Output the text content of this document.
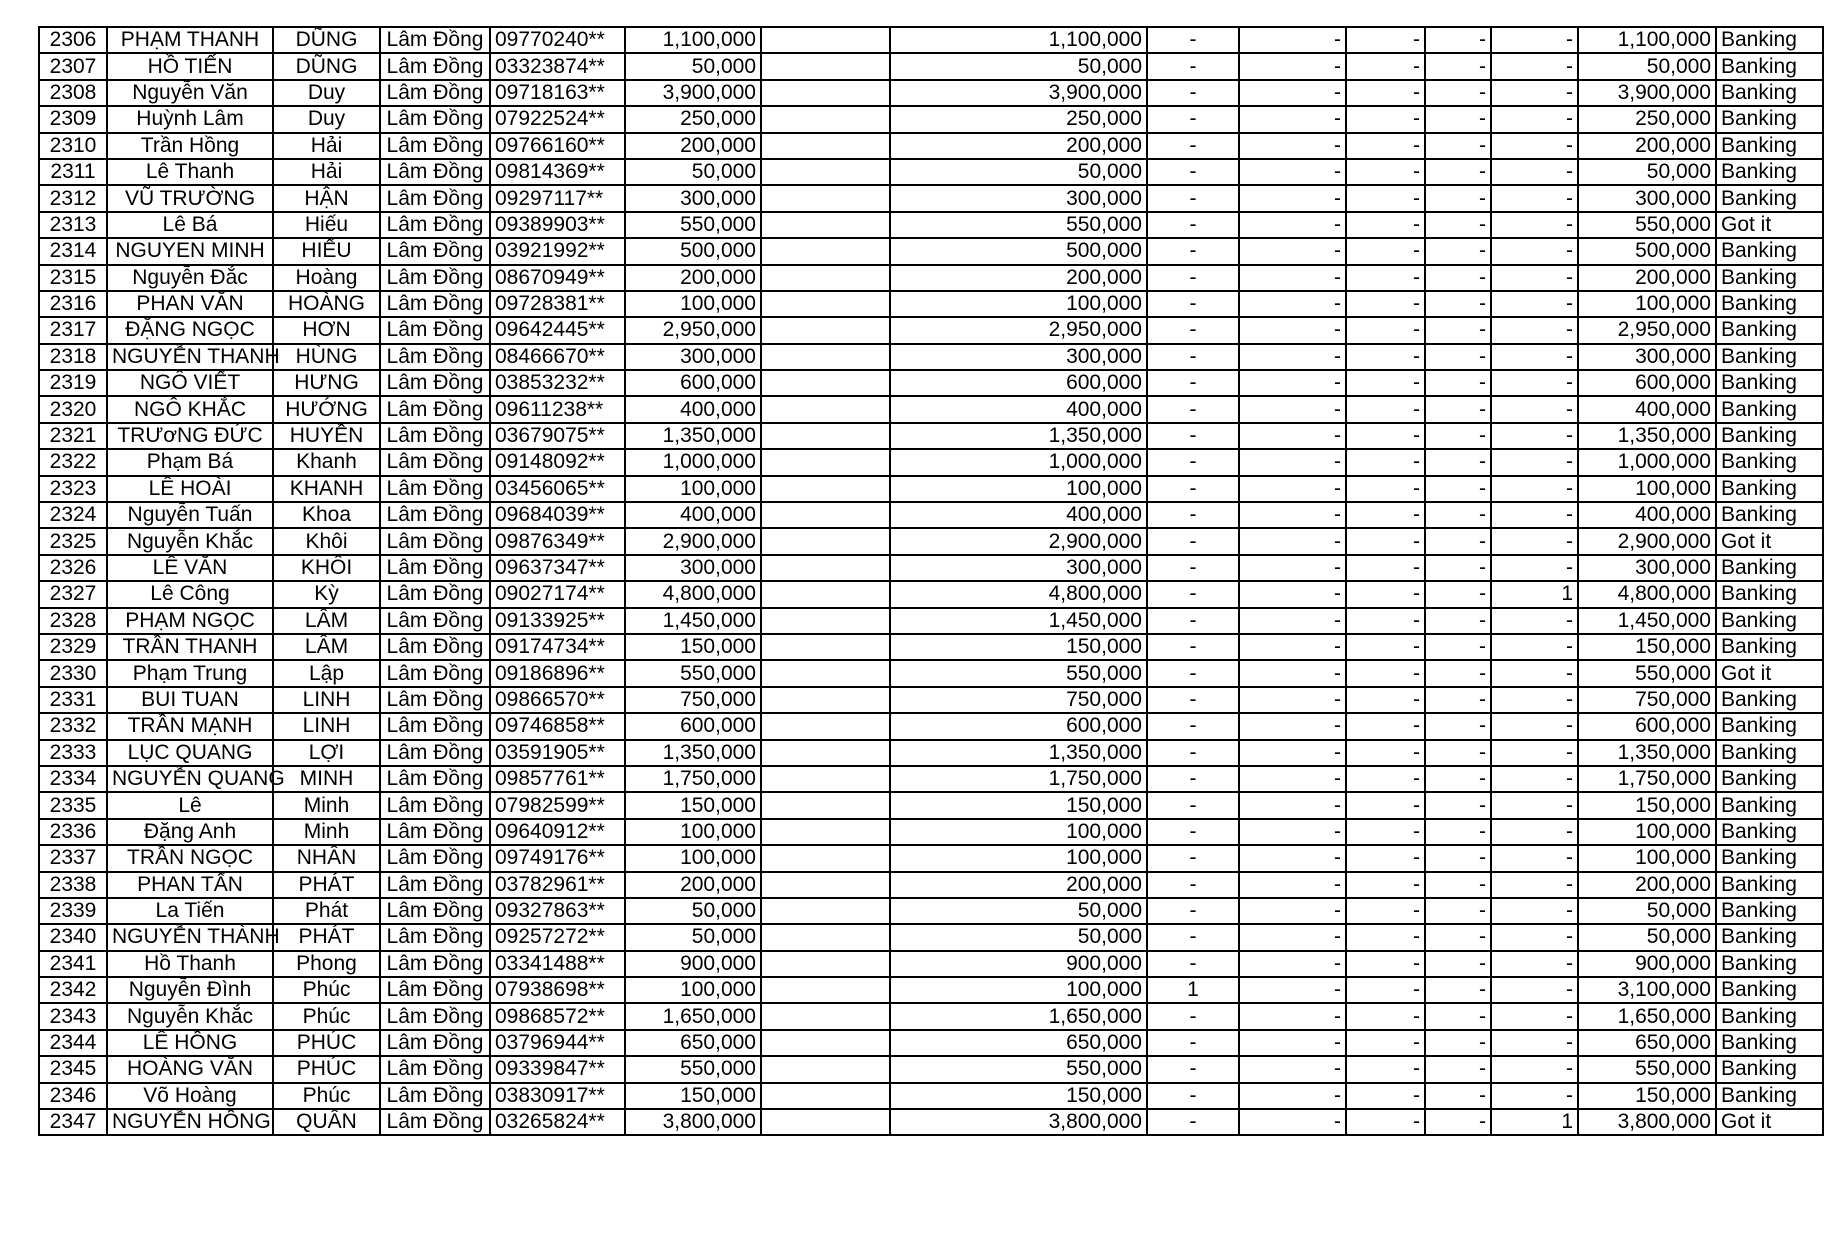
2306	PHẠM THANH	DŨNG	Lâm Đồng	09770240**	1,100,000		1,100,000	-	-	-	-	-	1,100,000	Banking
2307	HỒ TIẾN	DŨNG	Lâm Đồng	03323874**	50,000		50,000	-	-	-	-	-	50,000	Banking
2308	Nguyễn Văn	Duy	Lâm Đồng	09718163**	3,900,000		3,900,000	-	-	-	-	-	3,900,000	Banking
2309	Huỳnh Lâm	Duy	Lâm Đồng	07922524**	250,000		250,000	-	-	-	-	-	250,000	Banking
2310	Trần Hồng	Hải	Lâm Đồng	09766160**	200,000		200,000	-	-	-	-	-	200,000	Banking
2311	Lê Thanh	Hải	Lâm Đồng	09814369**	50,000		50,000	-	-	-	-	-	50,000	Banking
2312	VŨ TRƯỜNG	HẬN	Lâm Đồng	09297117**	300,000		300,000	-	-	-	-	-	300,000	Banking
2313	Lê Bá	Hiếu	Lâm Đồng	09389903**	550,000		550,000	-	-	-	-	-	550,000	Got it
2314	NGUYEN MINH	HIẾU	Lâm Đồng	03921992**	500,000		500,000	-	-	-	-	-	500,000	Banking
2315	Nguyễn Đắc	Hoàng	Lâm Đồng	08670949**	200,000		200,000	-	-	-	-	-	200,000	Banking
2316	PHAN VĂN	HOÀNG	Lâm Đồng	09728381**	100,000		100,000	-	-	-	-	-	100,000	Banking
2317	ĐẶNG NGỌC	HƠN	Lâm Đồng	09642445**	2,950,000		2,950,000	-	-	-	-	-	2,950,000	Banking
2318	NGUYỄN THANH	HÙNG	Lâm Đồng	08466670**	300,000		300,000	-	-	-	-	-	300,000	Banking
2319	NGÔ VIẾT	HƯNG	Lâm Đồng	03853232**	600,000		600,000	-	-	-	-	-	600,000	Banking
2320	NGÔ KHẮC	HƯỚNG	Lâm Đồng	09611238**	400,000		400,000	-	-	-	-	-	400,000	Banking
2321	TRƯơNG ĐỨC	HUYỀN	Lâm Đồng	03679075**	1,350,000		1,350,000	-	-	-	-	-	1,350,000	Banking
2322	Phạm Bá	Khanh	Lâm Đồng	09148092**	1,000,000		1,000,000	-	-	-	-	-	1,000,000	Banking
2323	LÊ HOÀI	KHANH	Lâm Đồng	03456065**	100,000		100,000	-	-	-	-	-	100,000	Banking
2324	Nguyễn Tuấn	Khoa	Lâm Đồng	09684039**	400,000		400,000	-	-	-	-	-	400,000	Banking
2325	Nguyễn Khắc	Khôi	Lâm Đồng	09876349**	2,900,000		2,900,000	-	-	-	-	-	2,900,000	Got it
2326	LÊ VĂN	KHÔI	Lâm Đồng	09637347**	300,000		300,000	-	-	-	-	-	300,000	Banking
2327	Lê Công	Kỳ	Lâm Đồng	09027174**	4,800,000		4,800,000	-	-	-	-	1	4,800,000	Banking
2328	PHẠM NGỌC	LÂM	Lâm Đồng	09133925**	1,450,000		1,450,000	-	-	-	-	-	1,450,000	Banking
2329	TRẦN THANH	LÂM	Lâm Đồng	09174734**	150,000		150,000	-	-	-	-	-	150,000	Banking
2330	Phạm Trung	Lập	Lâm Đồng	09186896**	550,000		550,000	-	-	-	-	-	550,000	Got it
2331	BUI TUAN	LINH	Lâm Đồng	09866570**	750,000		750,000	-	-	-	-	-	750,000	Banking
2332	TRẦN MẠNH	LINH	Lâm Đồng	09746858**	600,000		600,000	-	-	-	-	-	600,000	Banking
2333	LỤC QUANG	LỢI	Lâm Đồng	03591905**	1,350,000		1,350,000	-	-	-	-	-	1,350,000	Banking
2334	NGUYỄN QUANG	MINH	Lâm Đồng	09857761**	1,750,000		1,750,000	-	-	-	-	-	1,750,000	Banking
2335	Lê	Minh	Lâm Đồng	07982599**	150,000		150,000	-	-	-	-	-	150,000	Banking
2336	Đặng Anh	Minh	Lâm Đồng	09640912**	100,000		100,000	-	-	-	-	-	100,000	Banking
2337	TRẦN NGỌC	NHÂN	Lâm Đồng	09749176**	100,000		100,000	-	-	-	-	-	100,000	Banking
2338	PHAN TẤN	PHÁT	Lâm Đồng	03782961**	200,000		200,000	-	-	-	-	-	200,000	Banking
2339	La Tiến	Phát	Lâm Đồng	09327863**	50,000		50,000	-	-	-	-	-	50,000	Banking
2340	NGUYỄN THÀNH	PHÁT	Lâm Đồng	09257272**	50,000		50,000	-	-	-	-	-	50,000	Banking
2341	Hồ Thanh	Phong	Lâm Đồng	03341488**	900,000		900,000	-	-	-	-	-	900,000	Banking
2342	Nguyễn Đình	Phúc	Lâm Đồng	07938698**	100,000		100,000	1	-	-	-	-	3,100,000	Banking
2343	Nguyễn Khắc	Phúc	Lâm Đồng	09868572**	1,650,000		1,650,000	-	-	-	-	-	1,650,000	Banking
2344	LÊ HỒNG	PHÚC	Lâm Đồng	03796944**	650,000		650,000	-	-	-	-	-	650,000	Banking
2345	HOÀNG VĂN	PHÚC	Lâm Đồng	09339847**	550,000		550,000	-	-	-	-	-	550,000	Banking
2346	Võ Hoàng	Phúc	Lâm Đồng	03830917**	150,000		150,000	-	-	-	-	-	150,000	Banking
2347	NGUYỄN HỒNG	QUÂN	Lâm Đồng	03265824**	3,800,000		3,800,000	-	-	-	-	1	3,800,000	Got it
